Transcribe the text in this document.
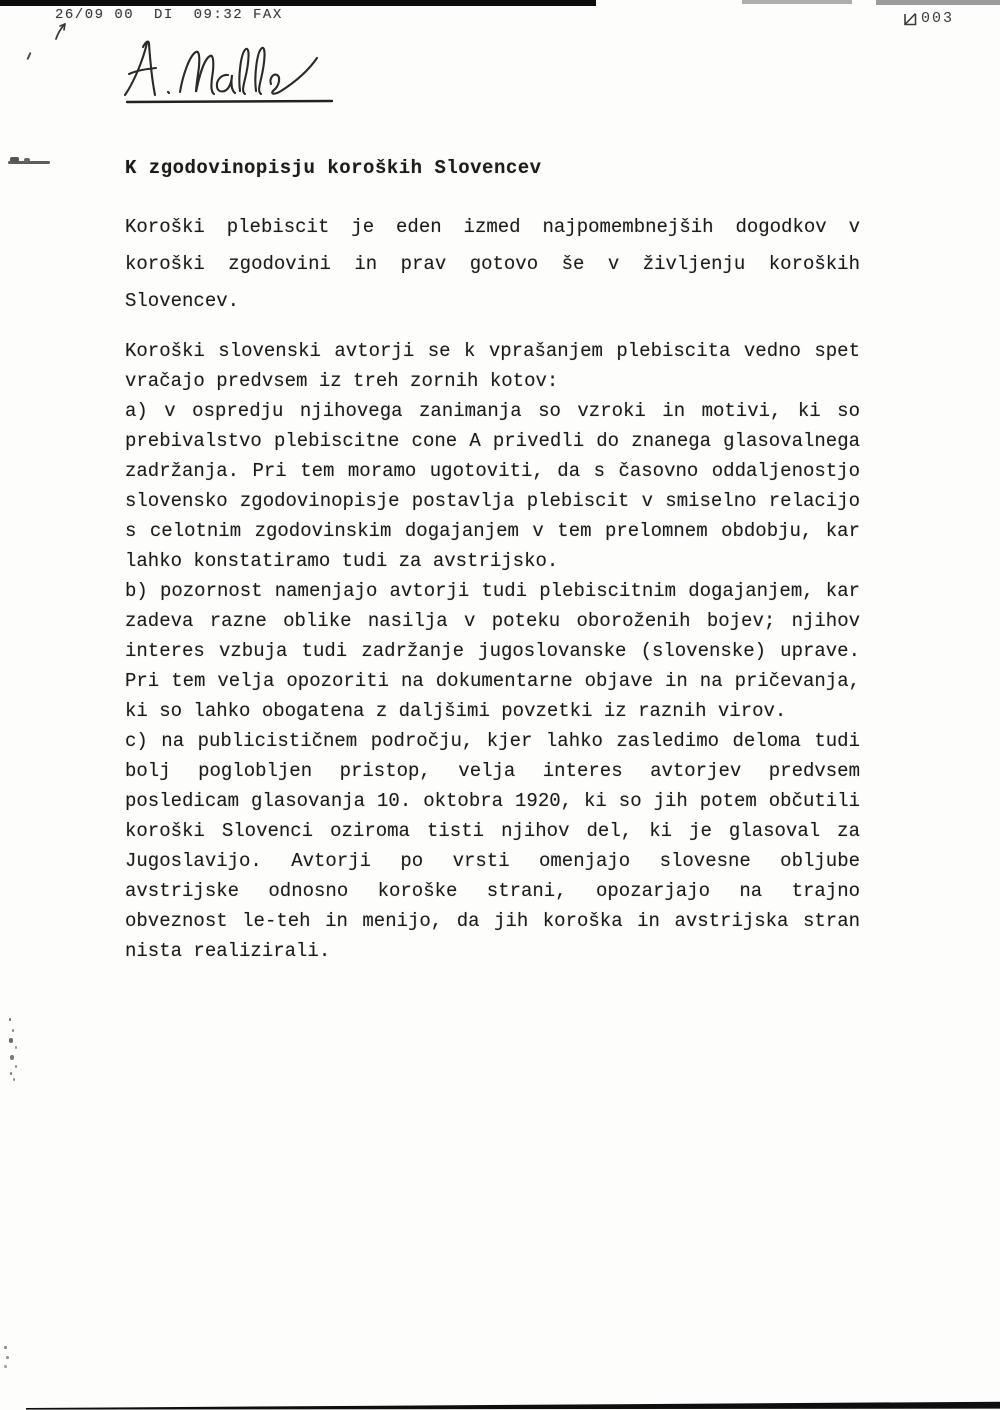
26/09 00  DI  09:32 FAX	003
K zgodovinopisju koroških Slovencev

Koroški plebiscit je eden izmed najpomembnejših dogodkov v koroški zgodovini in prav gotovo še v življenju koroških Slovencev.

Koroški slovenski avtorji se k vprašanjem plebiscita vedno spet vračajo predvsem iz treh zornih kotov:

a) v ospredju njihovega zanimanja so vzroki in motivi, ki so prebivalstvo plebiscitne cone A privedli do znanega glasovalnega zadržanja. Pri tem moramo ugotoviti, da s časovno oddaljenostjo slovensko zgodovinopisje postavlja plebiscit v smiselno relacijo s celotnim zgodovinskim dogajanjem v tem prelomnem obdobju, kar lahko konstatiramo tudi za avstrijsko.

b) pozornost namenjajo avtorji tudi plebiscitnim dogajanjem, kar zadeva razne oblike nasilja v poteku oboroženih bojev; njihov interes vzbuja tudi zadržanje jugoslovanske (slovenske) uprave. Pri tem velja opozoriti na dokumentarne objave in na pričevanja, ki so lahko obogatena z daljšimi povzetki iz raznih virov.

c) na publicističnem področju, kjer lahko zasledimo deloma tudi bolj poglobljen pristop, velja interes avtorjev predvsem posledicam glasovanja 10. oktobra 1920, ki so jih potem občutili koroški Slovenci oziroma tisti njihov del, ki je glasoval za Jugoslavijo. Avtorji po vrsti omenjajo slovesne obljube avstrijske odnosno koroške strani, opozarjajo na trajno obveznost le-teh in menijo, da jih koroška in avstrijska stran nista realizirali.
